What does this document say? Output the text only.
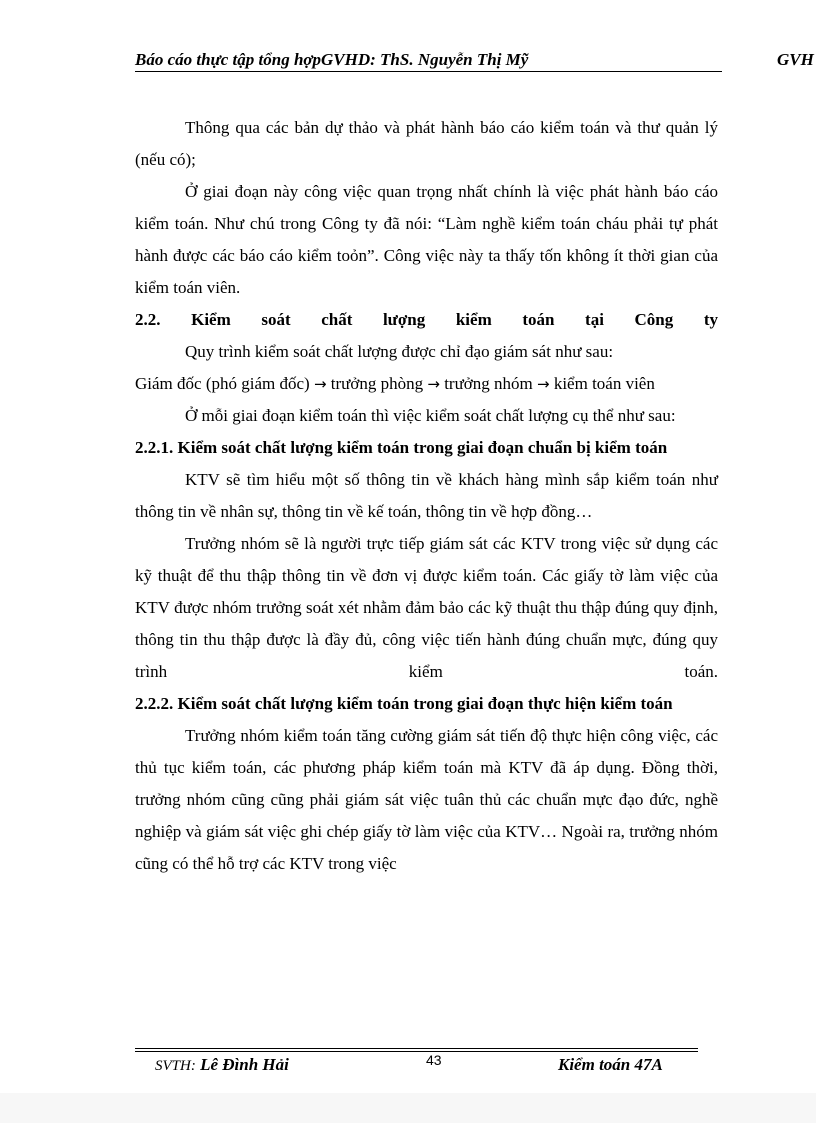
Báo cáo thực tập tổng hợpGVHD: ThS. Nguyễn Thị Mỹ	GVH

Thông qua các bản dự thảo và phát hành báo cáo kiểm toán và thư quản lý (nếu có);

Ở giai đoạn này công việc quan trọng nhất chính là việc phát hành báo cáo kiểm toán. Như chú trong Công ty đã nói: “Làm nghề kiểm toán cháu phải tự phát hành được các báo cáo kiểm toỏn”. Công việc này ta thấy tốn không ít thời gian của kiểm toán viên.

2.2. Kiểm soát chất lượng kiểm toán tại Công ty

Quy trình kiểm soát chất lượng được chỉ đạo giám sát như sau:

Giám đốc (phó giám đốc) → trưởng phòng → trưởng nhóm → kiểm toán viên

Ở mỗi giai đoạn kiểm toán thì việc kiểm soát chất lượng cụ thể như sau:

2.2.1. Kiểm soát chất lượng kiểm toán trong giai đoạn chuẩn bị kiểm toán

KTV sẽ tìm hiểu một số thông tin về khách hàng mình sắp kiểm toán như thông tin về nhân sự, thông tin về kế toán, thông tin về hợp đồng…

Trưởng nhóm sẽ là người trực tiếp giám sát các KTV trong việc sử dụng các kỹ thuật để thu thập thông tin về đơn vị được kiểm toán. Các giấy tờ làm việc của KTV được nhóm trưởng soát xét nhằm đảm bảo các kỹ thuật thu thập đúng quy định, thông tin thu thập được là đầy đủ, công việc tiến hành đúng chuẩn mực, đúng quy trình kiểm toán.

2.2.2. Kiểm soát chất lượng kiểm toán trong giai đoạn thực hiện kiểm toán

Trưởng nhóm kiểm toán tăng cường giám sát tiến độ thực hiện công việc, các thủ tục kiểm toán, các phương pháp kiểm toán mà KTV đã áp dụng. Đồng thời, trưởng nhóm cũng cũng phải giám sát việc tuân thủ các chuẩn mực đạo đức, nghề nghiệp và giám sát việc ghi chép giấy tờ làm việc của KTV… Ngoài ra, trưởng nhóm cũng có thể hỗ trợ các KTV trong việc

SVTH: Lê Đình Hải	43	Kiểm toán 47A
